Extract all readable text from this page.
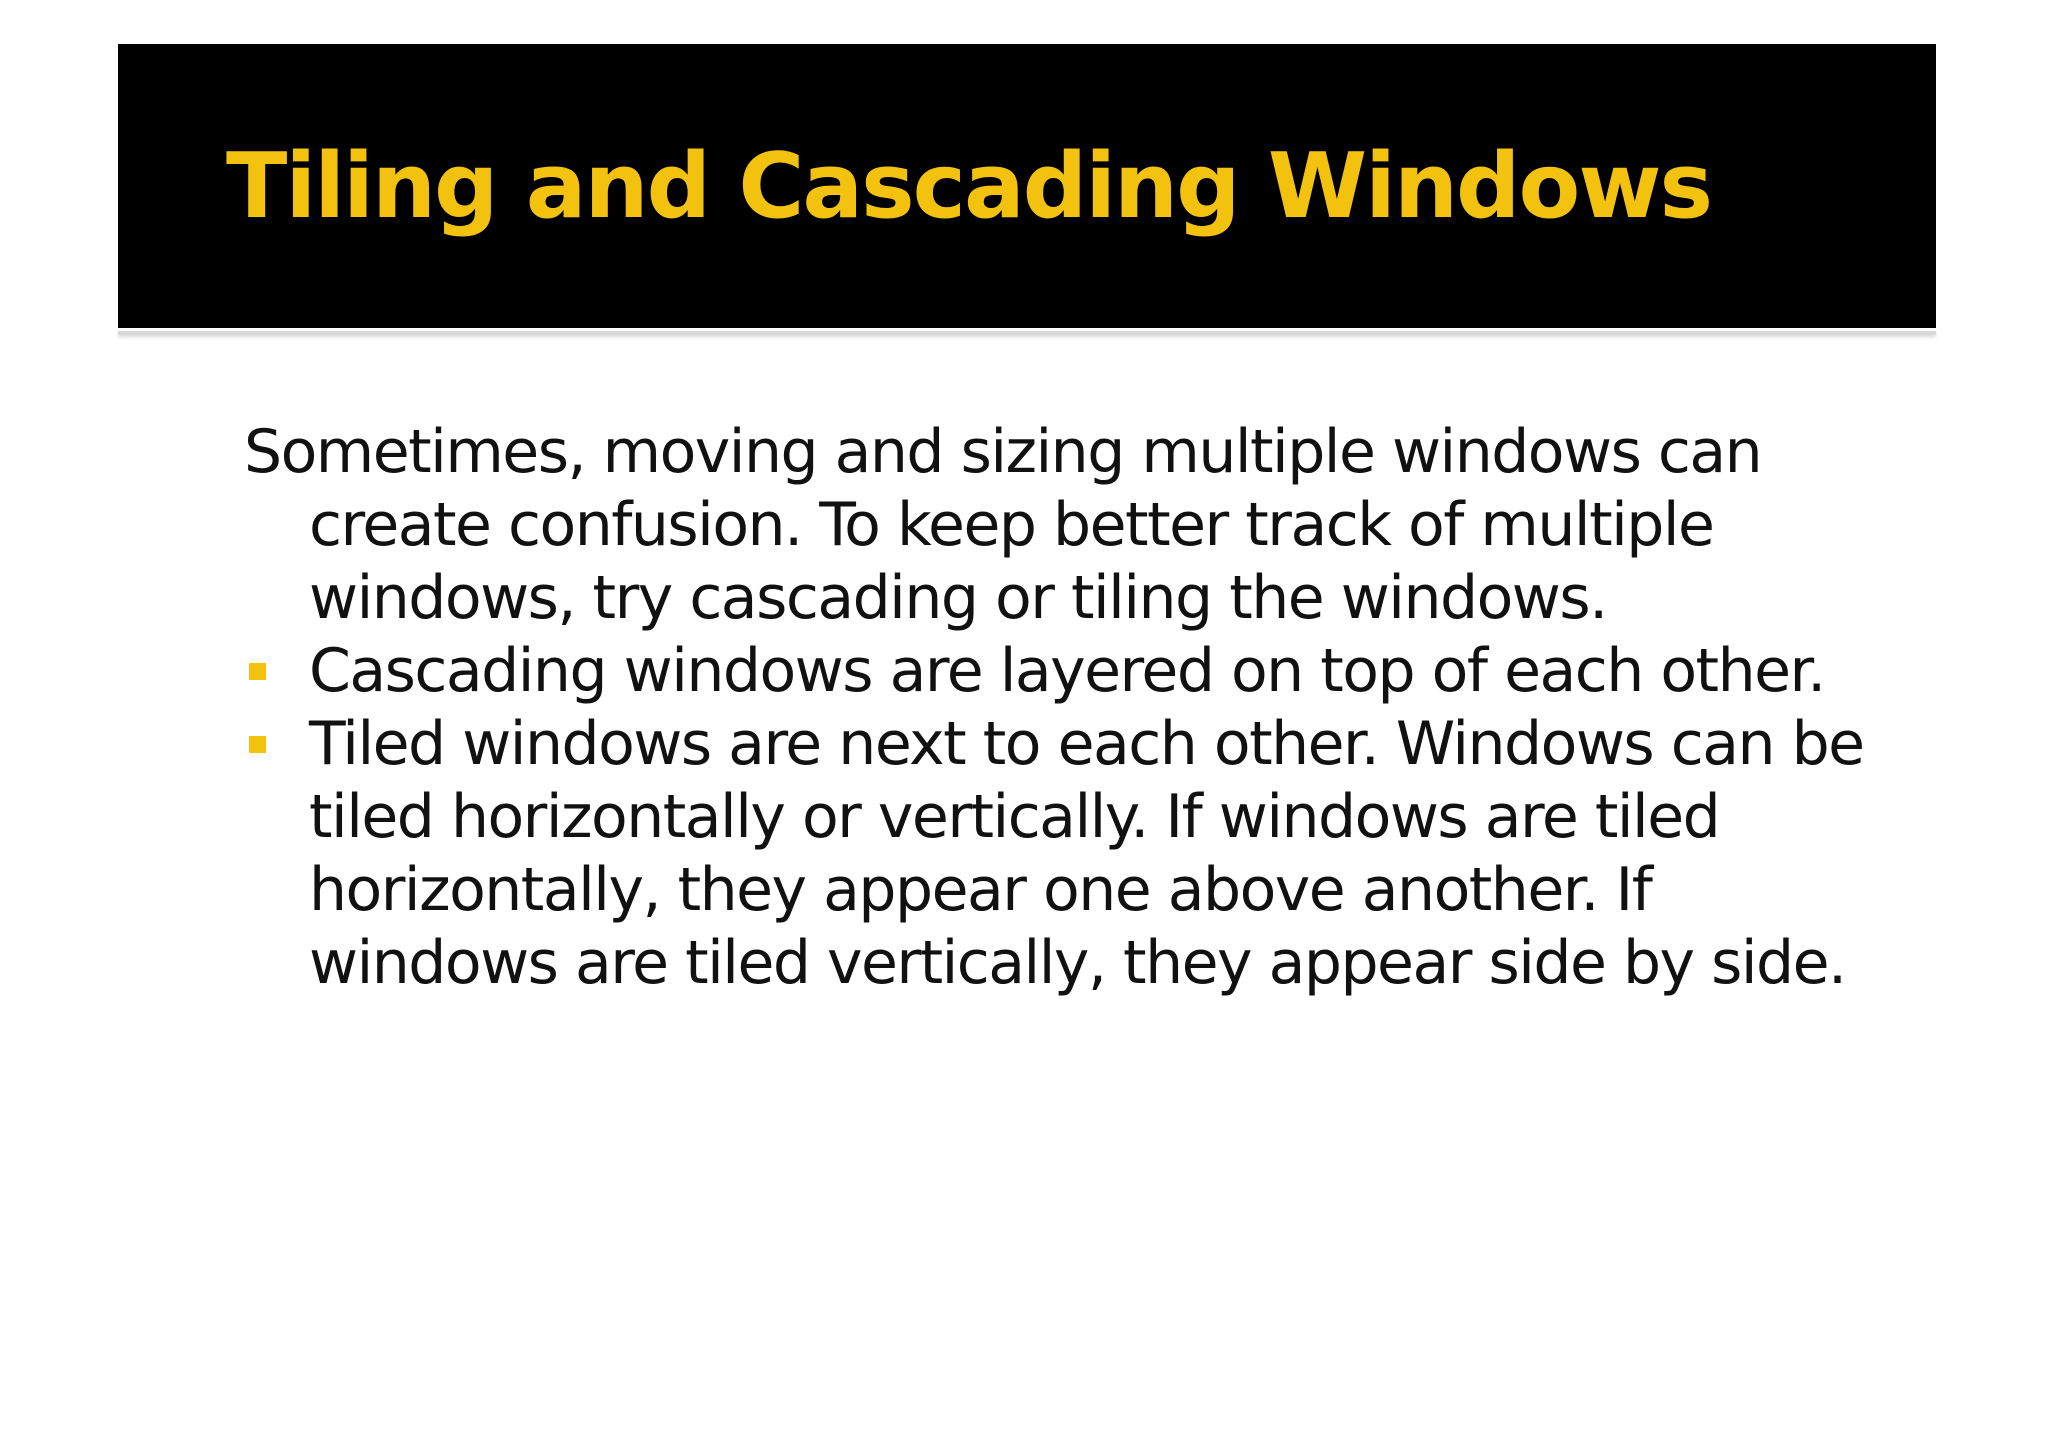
Tiling and Cascading Windows

Sometimes, moving and sizing multiple windows can create confusion. To keep better track of multiple windows, try cascading or tiling the windows.

Cascading windows are layered on top of each other.
Tiled windows are next to each other. Windows can be tiled horizontally or vertically. If windows are tiled horizontally, they appear one above another. If windows are tiled vertically, they appear side by side.
